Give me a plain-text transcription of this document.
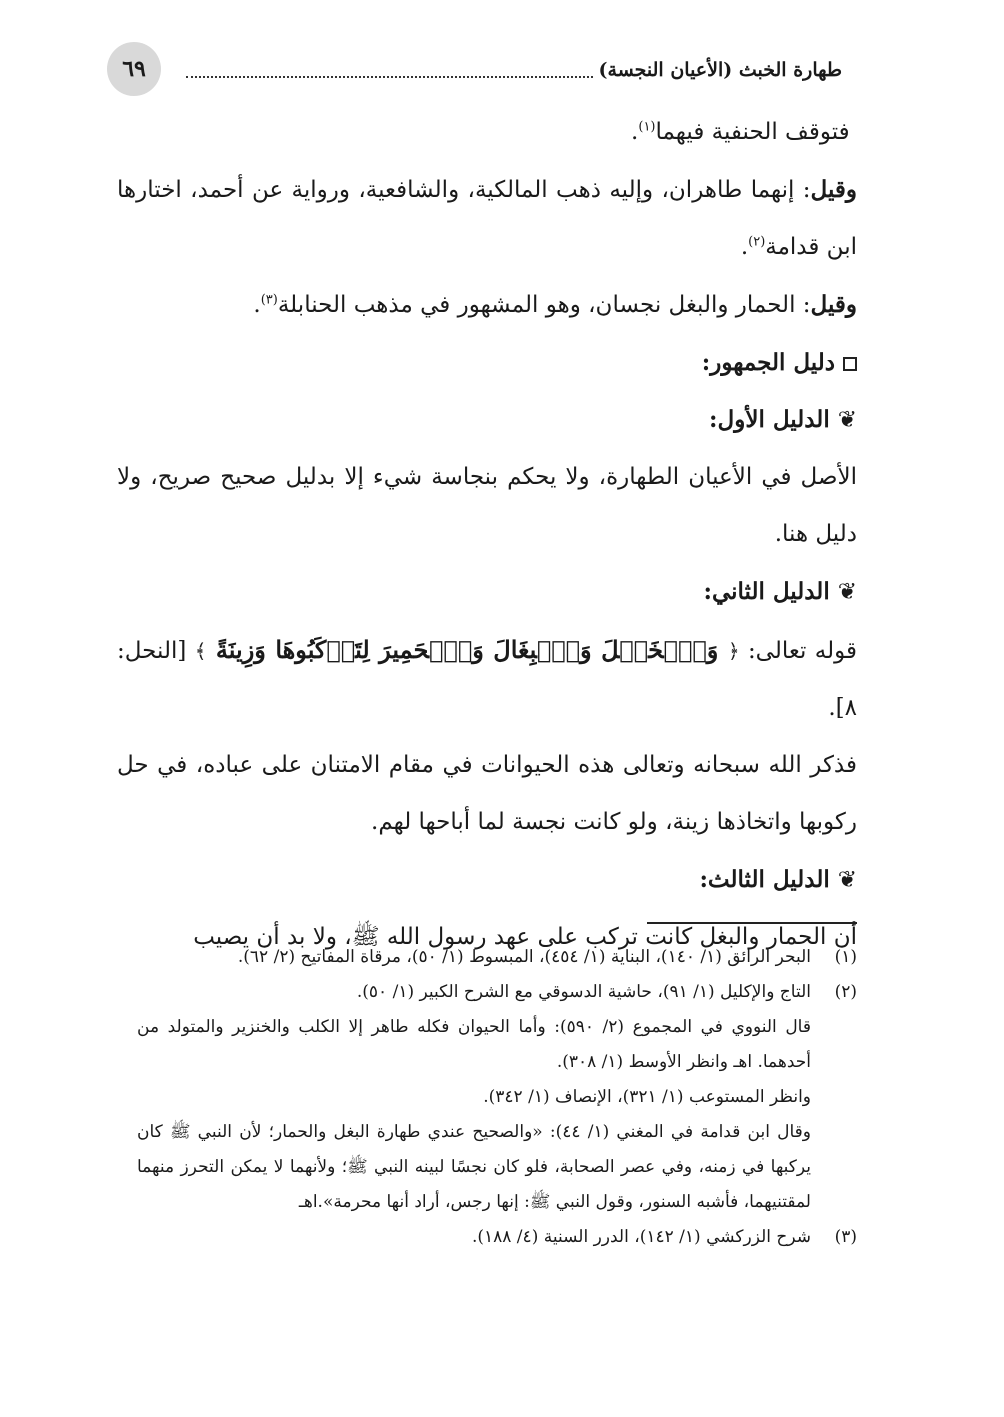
٦٩	طهارة الخبث (الأعيان النجسة)

فتوقف الحنفية فيهما$^{(١)}$.

وقيل: إنهما طاهران، وإليه ذهب المالكية، والشافعية، ورواية عن أحمد، اختارها ابن قدامة$^{(٢)}$.

وقيل: الحمار والبغل نجسان، وهو المشهور في مذهب الحنابلة$^{(٣)}$.

دليل الجمهور:

❦الدليل الأول:

الأصل في الأعيان الطهارة، ولا يحكم بنجاسة شيء إلا بدليل صحيح صريح، ولا دليل هنا.

❦الدليل الثاني:

قوله تعالى: ﴿ وَٱلۡخَيۡلَ وَٱلۡبِغَالَ وَٱلۡحَمِيرَ لِتَرۡكَبُوهَا وَزِينَةً ﴾ [النحل: ٨].

فذكر الله سبحانه وتعالى هذه الحيوانات في مقام الامتنان على عباده، في حل ركوبها واتخاذها زينة، ولو كانت نجسة لما أباحها لهم.

❦الدليل الثالث:

أن الحمار والبغل كانت تركب على عهد رسول الله ﷺ، ولا بد أن يصيب

(١)
البحر الرائق (١/ ١٤٠)، البناية (١/ ٤٥٤)، المبسوط (١/ ٥٠)، مرقاة المفاتيح (٢/ ٦٢).

(٢)
التاج والإكليل (١/ ٩١)، حاشية الدسوقي مع الشرح الكبير (١/ ٥٠).

قال النووي في المجموع (٢/ ٥٩٠): وأما الحيوان فكله طاهر إلا الكلب والخنزير والمتولد من أحدهما. اهـ وانظر الأوسط (١/ ٣٠٨).

وانظر المستوعب (١/ ٣٢١)، الإنصاف (١/ ٣٤٢).

وقال ابن قدامة في المغني (١/ ٤٤): «والصحيح عندي طهارة البغل والحمار؛ لأن النبي ﷺ كان يركبها في زمنه، وفي عصر الصحابة، فلو كان نجسًا لبينه النبي ﷺ؛ ولأنهما لا يمكن التحرز منهما لمقتنيهما، فأشبه السنور، وقول النبي ﷺ: إنها رجس، أراد أنها محرمة».اهـ

(٣)
شرح الزركشي (١/ ١٤٢)، الدرر السنية (٤/ ١٨٨).
